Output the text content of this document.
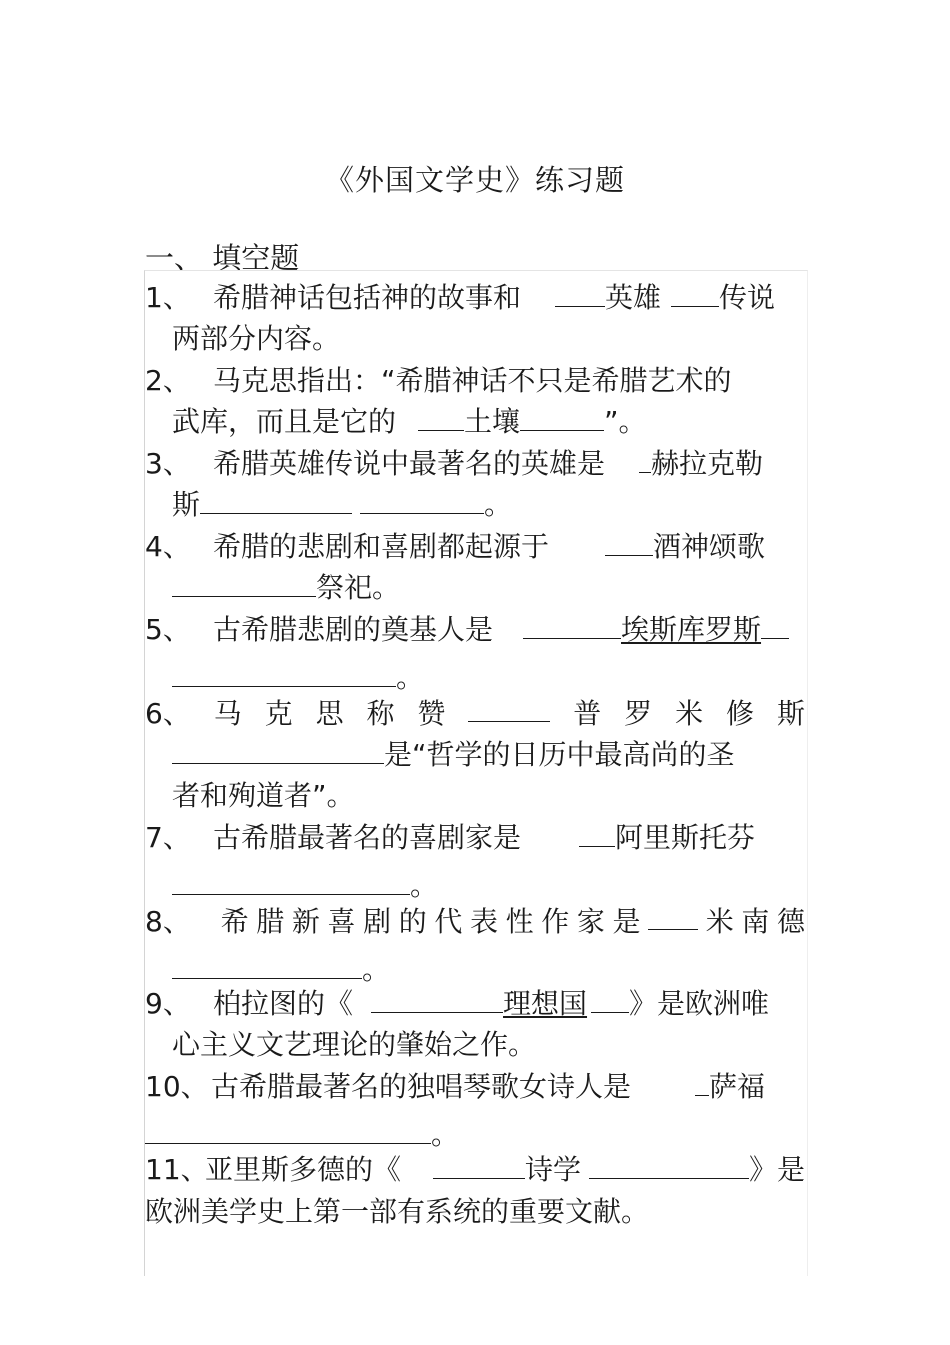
《外国文学史》练习题
一、 填空题
1、 希腊神话包括神的故事和	英雄 传说
两部分内容。
2、 马克思指出：“希腊神话不只是希腊艺术的
武库，而且是它的 土壤	”。
3、 希腊英雄传说中最著名的英雄是 赫拉克勒
斯	。
4、 希腊的悲剧和喜剧都起源于	酒神颂歌
祭祀。
5、 古希腊悲剧的奠基人是	埃斯库罗斯
。
6、 马 克 思 称 赞	普 罗 米 修 斯
是“哲学的日历中最高尚的圣
者和殉道者”。
7、 古希腊最著名的喜剧家是	阿里斯托芬
。
8、	希 腊 新 喜 剧 的 代 表 性 作 家 是 米 南 德
。
9、 柏拉图的《	理想国 》是欧洲唯
心主义文艺理论的肇始之作。
10、古希腊最著名的独唱琴歌女诗人是	萨福
。
11、亚里斯多德的《	诗学	》是
欧洲美学史上第一部有系统的重要文献。
